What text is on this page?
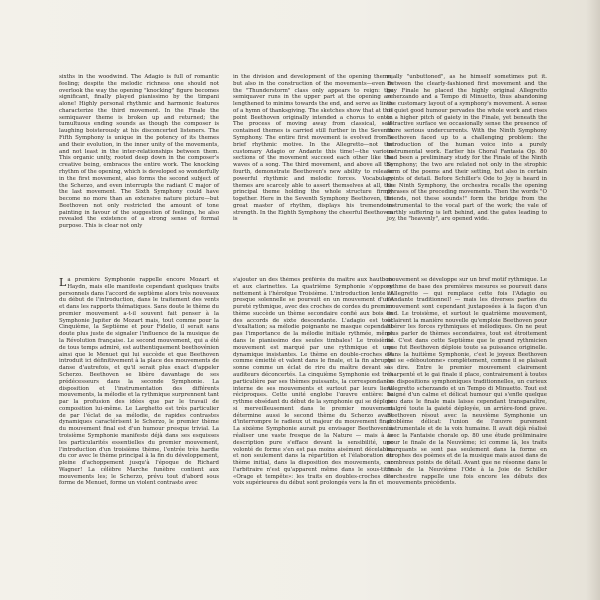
sixths in the woodwind. The Adagio is full of romantic feeling; despite the melodic richness one should not overlook the way the opening "knocking" figure becomes significant, finally played pianissimo by the timpani alone! Highly personal rhythmic and harmonic features characterize the third movement. In the Finale the semiquaver theme is broken up and returned; the tumultuous ending sounds as though the composer is laughing boisterously at his disconcerted listeners. The Fifth Symphony is unique in the potency of its themes and their evolution, in the inner unity of the movements, and not least in the inter-relationships between them. This organic unity, rooted deep down in the composer's creative being, embraces the entire work. The knocking rhythm of the opening, which is developed so wonderfully in the first movement, also forms the second subject of the Scherzo, and even interrupts the radiant C major of the last movement. The Sixth Symphony could have become no more than an extensive nature picture—but Beethoven not only restricted the amount of tone painting in favour of the suggestion of feelings, he also revealed the existence of a strong sense of formal purpose. This is clear not only

in the division and development of the opening theme, but also in the construction of the movements—even in the "Thunderstorm" class only appears to reign: the semiquaver runs in the upper part at the opening are lengthened to minims towards the end, and serve as lines of a hymn of thanksgiving. The sketches show that at this point Beethoven originally intended a chorus to enter. The process of moving away from classical, self-contained themes is carried still further in the Seventh Symphony. The entire first movement is evolved from a brief rhythmic motive. In the Allegretto—not the customary Adagio or Andante this time!—the various sections of the movement succeed each other like the waves of a song. The third movement, and above all the fourth, demonstrate Beethoven's new ability to release powerful rhythmic and melodic forces. Vocabulary themes are scarcely able to assert themselves at all, the principal theme holding the whole structure firmly together. Here in the Seventh Symphony Beethoven, the great master of rhythm, displays his tremendous strength. In the Eighth Symphony the cheerful Beethoven is

really "unbuttoned", as he himself sometimes put it. Between the clearly-fashioned first movement and the gay Finale he placed the highly original Allegretto scherzando and a Tempo di Minuetto, thus abandoning the customary layout of a symphony's movement. A sense of quiet good humour pervades the whole work and rises to a higher pitch of gaiety in the Finale, yet beneath the attractive surface we occasionally sense the presence of more serious undercurrents. With the Ninth Symphony Beethoven faced up to a challenging problem: the introduction of the human voice into a purely instrumental work. Earlier his Choral Fantasia Op. 80 had been a preliminary study for the Finale of the Ninth Symphony; the two are related not only in the strophic form of the poems and their setting, but also in certain points of detail. Before Schiller's Ode to Joy is heard in the Ninth Symphony, the orchestra recalls the opening phrases of the preceding movements. Then the words "O friends, not these sounds!" form the bridge from the instrumental to the vocal part of the work; the vale of earthly suffering is left behind, and the gates leading to joy, the "heavenly", are opened wide.

La première Symphonie rappelle encore Mozart et Haydn, mais elle manifeste cependant quelques traits personnels dans l'accord de septième alors très nouveaux du début de l'introduction, dans le traitement des vents et dans les rapports thématiques. Sans doute le thème du premier mouvement a-t-il souvent fait penser à la Symphonie Jupiter de Mozart mais, tout comme pour la Cinquième, la Septième et pour Fidelio, il serait sans doute plus juste de signaler l'influence de la musique de la Révolution française. Le second mouvement, qui a été de tous temps admiré, est authentiquement beethovénien ainsi que le Menuet qui lui succède et que Beethoven introduit ici définitivement à la place des mouvements de danse d'autrefois, et qu'il serait plus exact d'appeler Scherzo. Beethoven se libère davantage de ses prédécesseurs dans la seconde Symphonie. La disposition et l'instrumentation des différents mouvements, la mélodie et la rythmique surprennent tant par la profusion des idées que par le travail de composition lui-même. Le Larghetto est très particulier de par l'éclat de sa mélodie, de rapides contrastes dynamiques caractérisent le Scherzo, le premier thème du mouvement final est d'un humour presque trivial. La troisième Symphonie manifeste déjà dans ses esquisses les particularités essentielles du premier mouvement, l'introduction d'un troisième thème, l'entrée très hardie du cor avec le thème principal à la fin du développement, pleine d'achoppement jusqu'à l'époque de Richard Wagner! La célèbre Marche funèbre contient aux mouvements les; le Scherzo, prévu tout d'abord sous forme de Menuet, forme un violent contraste avec

s'ajouter un des thèmes préférés du maître aux hautbois et aux clarinettes. La quatrième Symphonie s'oppose nettement à l'héroïque Troisième. L'introduction lente et presque solennelle se poursuit en un mouvement d'une pureté rythmique, avec des croches de cordes du premier thème succède un thème secondaire confié aux bois en des accords de sixte descendante. L'adagio est tout d'exaltation; sa mélodie poignante ne masque cependant pas l'importance de la mélodie initiale rythmée, même dans le pianissimo des seules timbales! Le troisième mouvement est marqué par une rythmique et une dynamique insistantes. Le thème en double-croches est comme émietté et valent dans le finale, et la fin abrupte sonne comme un éclat de rire du maître devant ses auditeurs déconcertés. La cinquième Symphonie est très particulière par ses thèmes puissants, la correspondance interne de ses mouvements et surtout par leurs liens réciproques. Cette unité englobe l'œuvre entière: le rythme obsédant du début de la symphonie qui se déploie si merveilleusement dans le premier mouvement détermine aussi le second thème du Scherzo avant d'interrompre le radieux ut majeur du mouvement final. La sixième Symphonie aurait pu envisager Beethoven à réaliser une vaste fresque de la Nature — mais à la description pure s'efface devant la sensibilité, une volonté de forme s'en est pas moins aisément décelable; et non seulement dans la répartition et l'élaboration du thème initial, dans la disposition des mouvements, car l'arbitraire n'est qu'apparent même dans le sous-titre «Orage et tempête»: les traits en doubles-croches des voix supérieures du début sont prolongés vers la fin et

mouvement se développe sur un bref motif rythmique. Le rythme de base des premières mesures se poursuit dans l'Allegretto — qui remplace cette fois l'Adagio ou l'Andante traditionnel! — mais les diverses parties du mouvement sont cependant juxtaposées à la façon d'un lied. Le troisième, et surtout le quatrième mouvement, éclairent la manière nouvelle qu'emploie Beethoven pour libérer les forces rythmiques et mélodiques. On ne peut plus parler de thèmes secondaires, tout est étroitement lié. C'est dans cette Septième que le grand rythmicien que fut Beethoven déploie toute sa puissance originelle. Dans la huitième Symphonie, c'est le joyeux Beethoven qui se «déboutonne» complètement, comme il se plaisait à dire. Entre le premier mouvement clairement charpenté et le gai finale il place, contrairement à toutes les dispositions symphoniques traditionnelles, un curieux Allegretto scherzando et un Tempo di Minuetto. Tout est baigné d'un calme et délicat humour qui s'enfle quelque peu dans le finale mais laisse cependant transparaître, malgré toute la gaieté déployée, un arrière-fond grave. Beethoven résout avec la neuvième Symphonie un problème délicat: l'union de l'œuvre purement instrumentale et de la voix humaine. Il avait déjà réalisé avec la Fantaisie chorale op. 80 une étude préliminaire pour le finale de la Neuvième; ici comme là, les traits marquants se sont pas seulement dans la forme en strophes des poèmes et de la musique mais aussi dans de nombreux points de détail. Avant que ne résonne dans le finale de la Neuvième l'Ode à la Joie de Schiller l'orchestre rappelle une fois encore les débuts des mouvements précédents.
